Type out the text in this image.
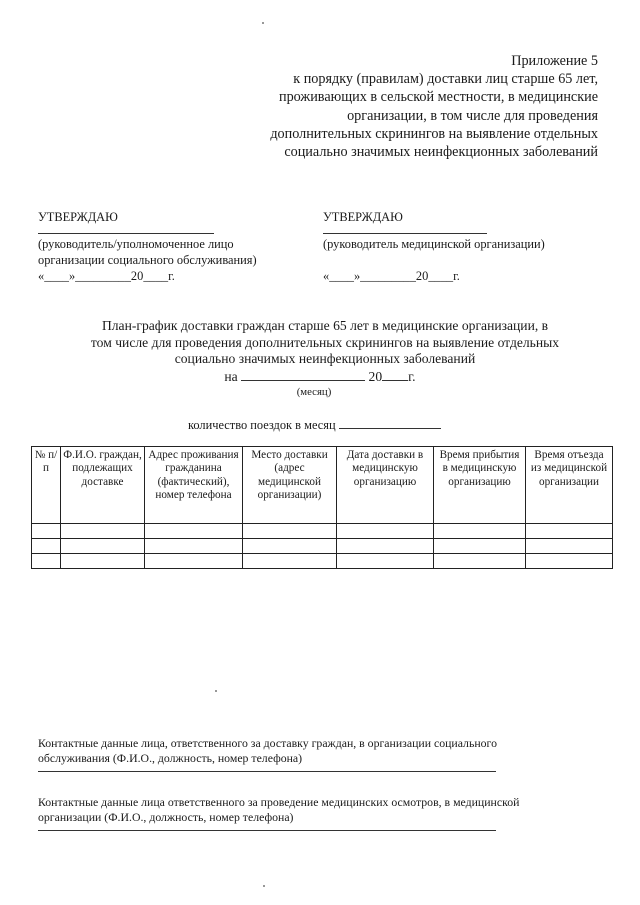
Приложение 5
к порядку (правилам) доставки лиц старше 65 лет,
проживающих в сельской местности, в медицинские
организации, в том числе для проведения
дополнительных скринингов на выявление отдельных
социально значимых неинфекционных заболеваний
УТВЕРЖДАЮ
(руководитель/уполномоченное лицо
организации социального обслуживания)
«____»_________20____г.
УТВЕРЖДАЮ
(руководитель медицинской организации)
«____»_________20____г.
План-график доставки граждан старше 65 лет в медицинские организации, в
том числе для проведения дополнительных скринингов на выявление отдельных
социально значимых неинфекционных заболеваний
на	20 г.
(месяц)
количество поездок в месяц
№ п/п	Ф.И.О. граждан, подлежащих доставке	Адрес проживания гражданина (фактический), номер телефона	Место доставки (адрес медицинской организации)	Дата доставки в медицинскую организацию	Время прибытия в медицинскую организацию	Время отъезда из медицинской организации

Контактные данные лица, ответственного за доставку граждан, в организации социального
обслуживания (Ф.И.О., должность, номер телефона)
Контактные данные лица ответственного за проведение медицинских осмотров, в медицинской
организации (Ф.И.О., должность, номер телефона)
